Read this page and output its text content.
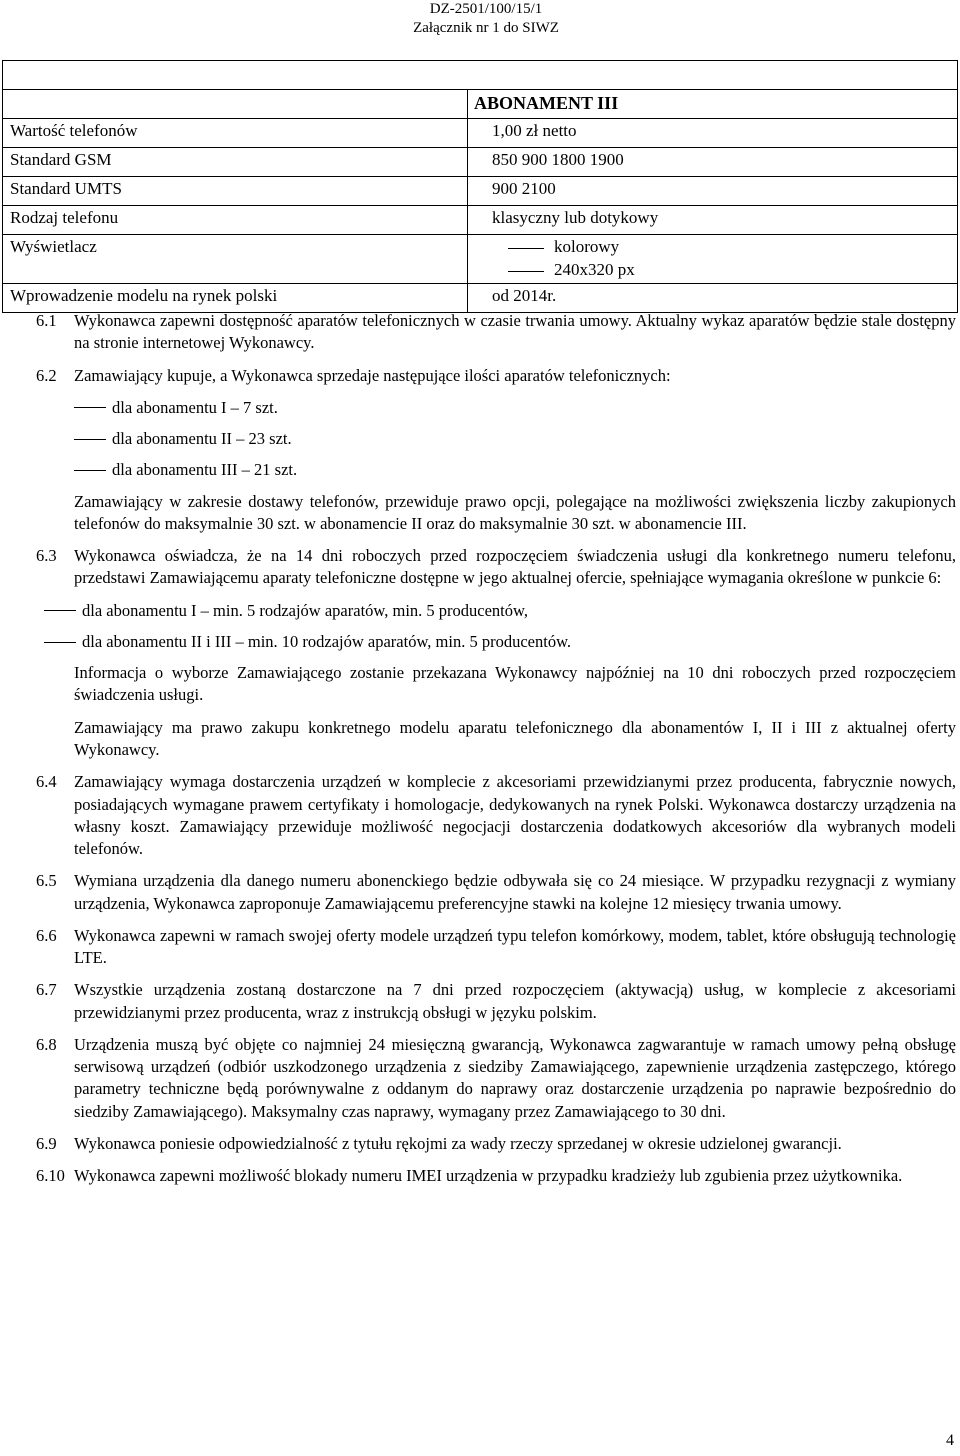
DZ-2501/100/15/1
Załącznik nr 1 do SIWZ

	ABONAMENT III
Wartość telefonów	1,00 zł netto
Standard GSM	850 900 1800 1900
Standard UMTS	900 2100
Rodzaj telefonu	klasyczny lub dotykowy
Wyświetlacz	kolorowy
240x320 px

Wprowadzenie modelu na rynek polski	od 2014r.
6.1	Wykonawca zapewni dostępność aparatów telefonicznych w czasie trwania umowy. Aktualny wykaz aparatów będzie stale dostępny na stronie internetowej Wykonawcy.
6.2	Zamawiający kupuje, a Wykonawca sprzedaje następujące ilości aparatów telefonicznych:
dla abonamentu I – 7 szt.
dla abonamentu II – 23 szt.
dla abonamentu III – 21 szt.
Zamawiający w zakresie dostawy telefonów, przewiduje prawo opcji, polegające na możliwości zwiększenia liczby zakupionych telefonów do maksymalnie 30 szt. w abonamencie II oraz do maksymalnie 30 szt. w abonamencie III.
6.3	Wykonawca oświadcza, że na 14 dni roboczych przed rozpoczęciem świadczenia usługi dla konkretnego numeru telefonu, przedstawi Zamawiającemu aparaty telefoniczne dostępne w jego aktualnej ofercie, spełniające wymagania określone w punkcie 6:
dla abonamentu I – min. 5 rodzajów aparatów, min. 5 producentów,
dla abonamentu II i III – min. 10 rodzajów aparatów, min. 5 producentów.
Informacja o wyborze Zamawiającego zostanie przekazana Wykonawcy najpóźniej na 10 dni roboczych przed rozpoczęciem świadczenia usługi.
Zamawiający ma prawo zakupu konkretnego modelu aparatu telefonicznego dla abonamentów I, II i III z aktualnej oferty Wykonawcy.
6.4	Zamawiający wymaga dostarczenia urządzeń w komplecie z akcesoriami przewidzianymi przez producenta, fabrycznie nowych, posiadających wymagane prawem certyfikaty i homologacje, dedykowanych na rynek Polski. Wykonawca dostarczy urządzenia na własny koszt. Zamawiający przewiduje możliwość negocjacji dostarczenia dodatkowych akcesoriów dla wybranych modeli telefonów.
6.5	Wymiana urządzenia dla danego numeru abonenckiego będzie odbywała się co 24 miesiące. W przypadku rezygnacji z wymiany urządzenia, Wykonawca zaproponuje Zamawiającemu preferencyjne stawki na kolejne 12 miesięcy trwania umowy.
6.6	Wykonawca zapewni w ramach swojej oferty modele urządzeń typu telefon komórkowy, modem, tablet, które obsługują technologię LTE.
6.7	Wszystkie urządzenia zostaną dostarczone na 7 dni przed rozpoczęciem (aktywacją) usług, w komplecie z akcesoriami przewidzianymi przez producenta, wraz z instrukcją obsługi w języku polskim.
6.8	Urządzenia muszą być objęte co najmniej 24 miesięczną gwarancją, Wykonawca zagwarantuje w ramach umowy pełną obsługę serwisową urządzeń (odbiór uszkodzonego urządzenia z siedziby Zamawiającego, zapewnienie urządzenia zastępczego, którego parametry techniczne będą porównywalne z oddanym do naprawy oraz dostarczenie urządzenia po naprawie bezpośrednio do siedziby Zamawiającego). Maksymalny czas naprawy, wymagany przez Zamawiającego to 30 dni.
6.9	Wykonawca poniesie odpowiedzialność z tytułu rękojmi za wady rzeczy sprzedanej w okresie udzielonej gwarancji.
6.10 Wykonawca zapewni możliwość blokady numeru IMEI urządzenia w przypadku kradzieży lub zgubienia przez użytkownika.
4
